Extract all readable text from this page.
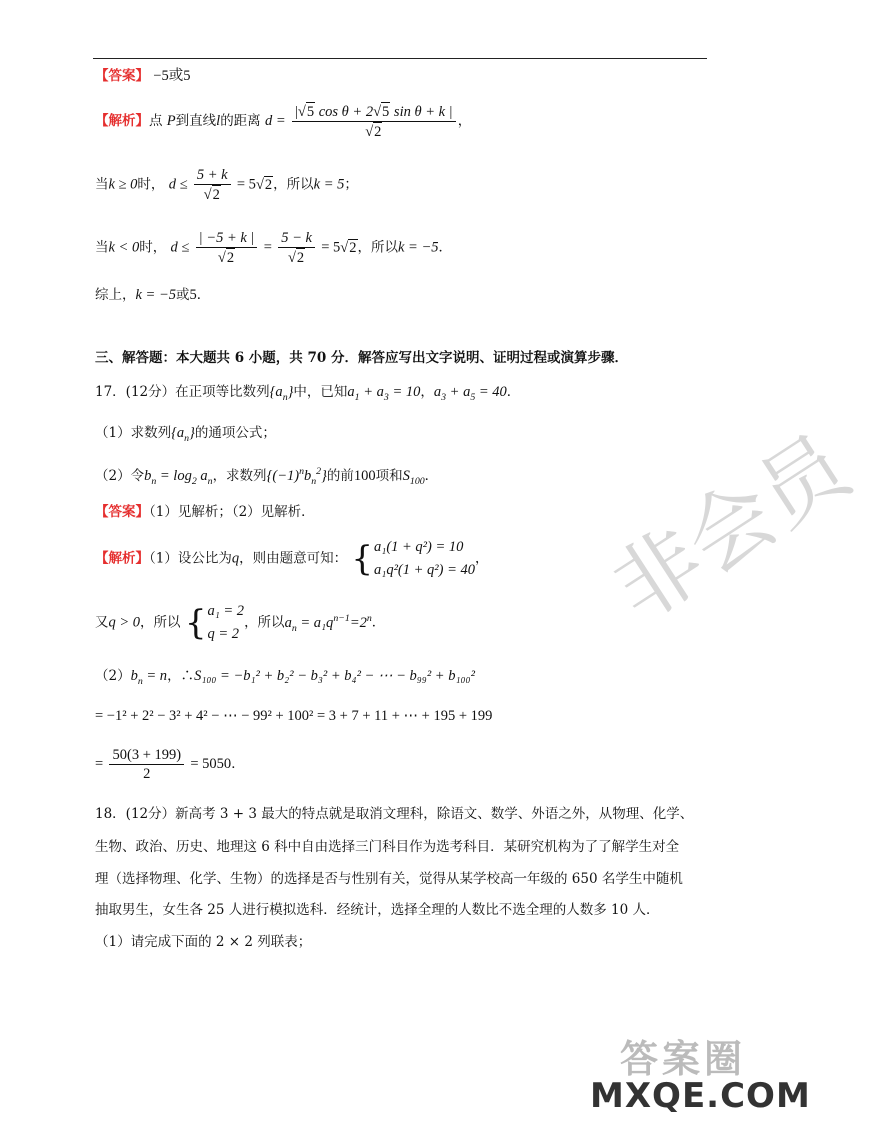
【答案】 −5或5
【解析】点 P到直线l的距离 $d = \frac{\text{|√5 cos θ + 2√5 sin θ + k |}}{√2}$ ，
当k ≥ 0时， $d \le \frac{5 + k}{√2} = 5√2$，所以k = 5；
当k < 0时， $d \le \frac{| -5 + k |}{√2} = \frac{5 - k}{√2} = 5√2$，所以k = −5．
综上，k = −5或5．
三、解答题：本大题共 6 小题，共 70 分．解答应写出文字说明、证明过程或演算步骤．
17．(12分）在正项等比数列$\{a_n\}$中，已知$a_1 + a_3 = 10$，$a_3 + a_5 = 40$．
（1）求数列$\{a_n\}$的通项公式；
（2）令$b_n = \log_2 a_n$，求数列$\{(-1)^nb_n^2\}$的前100项和$S_{100}$．
【答案】（1）见解析；（2）见解析．
【解析】（1）设公比为q，则由题意可知： { a₁(1 + q²) = 10
a₁q²(1 + q²) = 40
，
又q > 0，所以 { a₁ = 2
q = 2
，所以$a_n = a_1q^{n-1}=2^n$．
$(2)b_n = n$，∴S₁₀₀ = −b₁² + b₂² − b₃² + b₄² − ⋯ − b₉₉² + b₁₀₀²
= −1² + 2² − 3² + 4² − ⋯ − 99² + 100² = 3 + 7 + 11 + ⋯ + 195 + 199
= $\frac{50(3 + 199)}{2} = 5050$．
18．(12分）新高考 3 + 3 最大的特点就是取消文理科，除语文、数学、外语之外，从物理、化学、
生物、政治、历史、地理这 6 科中自由选择三门科目作为选考科目．某研究机构为了了解学生对全
理（选择物理、化学、生物）的选择是否与性别有关，觉得从某学校高一年级的 650 名学生中随机
抽取男生，女生各 25 人进行模拟选科．经统计，选择全理的人数比不选全理的人数多 10 人．
（1）请完成下面的 2 × 2 列联表；
非会员
答案圈
MXQE.COM
